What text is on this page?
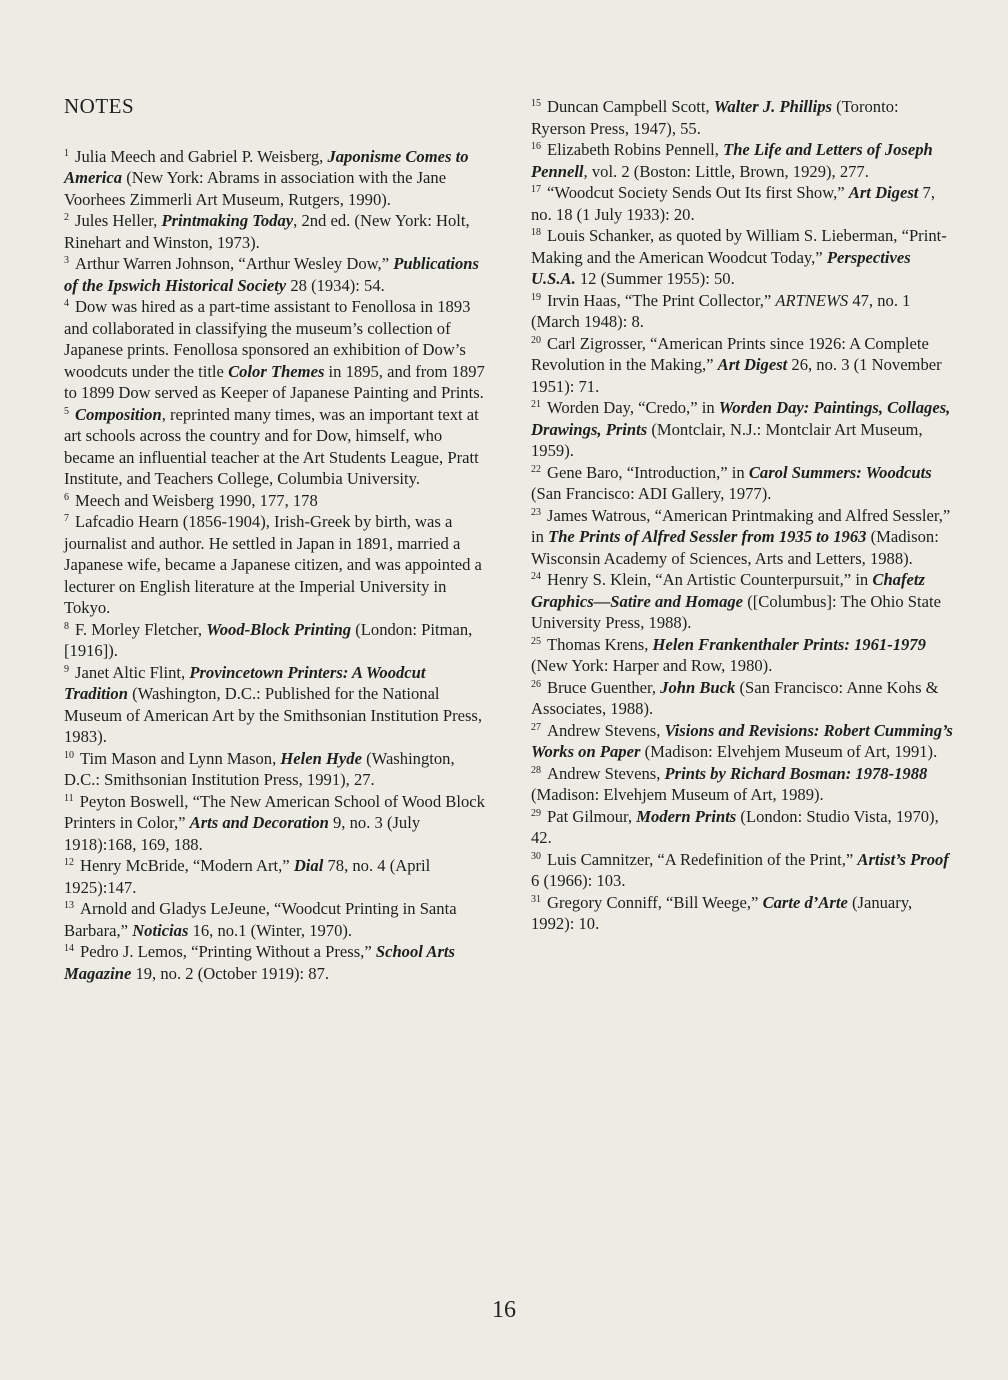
NOTES

$^1$ Julia Meech and Gabriel P. Weisberg, Japonisme Comes to America (New York: Abrams in association with the Jane Voorhees Zimmerli Art Museum, Rutgers, 1990).

$^2$ Jules Heller, Printmaking Today, 2nd ed. (New York: Holt, Rinehart and Winston, 1973).

$^3$ Arthur Warren Johnson, “Arthur Wesley Dow,” Publications of the Ipswich Historical Society 28 (1934): 54.

$^4$ Dow was hired as a part-time assistant to Fenollosa in 1893 and collaborated in classifying the museum’s collection of Japanese prints. Fenollosa sponsored an exhibition of Dow’s woodcuts under the title Color Themes in 1895, and from 1897 to 1899 Dow served as Keeper of Japanese Painting and Prints.

$^5$ Composition, reprinted many times, was an important text at art schools across the country and for Dow, himself, who became an influential teacher at the Art Students League, Pratt Institute, and Teachers College, Columbia University.

$^6$ Meech and Weisberg 1990, 177, 178

$^7$ Lafcadio Hearn (1856-1904), Irish-Greek by birth, was a journalist and author. He settled in Japan in 1891, married a Japanese wife, became a Japanese citizen, and was appointed a lecturer on English literature at the Imperial University in Tokyo.

$^8$ F. Morley Fletcher, Wood-Block Printing (London: Pitman, [1916]).

$^9$ Janet Altic Flint, Provincetown Printers: A Woodcut Tradition (Washington, D.C.: Published for the National Museum of American Art by the Smithsonian Institution Press, 1983).

$^{10}$ Tim Mason and Lynn Mason, Helen Hyde (Washington, D.C.: Smithsonian Institution Press, 1991), 27.

$^{11}$ Peyton Boswell, “The New American School of Wood Block Printers in Color,” Arts and Decoration 9, no. 3 (July 1918):168, 169, 188.

$^{12}$ Henry McBride, “Modern Art,” Dial 78, no. 4 (April 1925):147.

$^{13}$ Arnold and Gladys LeJeune, “Woodcut Printing in Santa Barbara,” Noticias 16, no.1 (Winter, 1970).

$^{14}$ Pedro J. Lemos, “Printing Without a Press,” School Arts Magazine 19, no. 2 (October 1919): 87.

$^{15}$ Duncan Campbell Scott, Walter J. Phillips (Toronto: Ryerson Press, 1947), 55.

$^{16}$ Elizabeth Robins Pennell, The Life and Letters of Joseph Pennell, vol. 2 (Boston: Little, Brown, 1929), 277.

$^{17}$ “Woodcut Society Sends Out Its first Show,” Art Digest 7, no. 18 (1 July 1933): 20.

$^{18}$ Louis Schanker, as quoted by William S. Lieberman, “Print-Making and the American Woodcut Today,” Perspectives U.S.A. 12 (Summer 1955): 50.

$^{19}$ Irvin Haas, “The Print Collector,” ARTNEWS 47, no. 1 (March 1948): 8.

$^{20}$ Carl Zigrosser, “American Prints since 1926: A Complete Revolution in the Making,” Art Digest 26, no. 3 (1 November 1951): 71.

$^{21}$ Worden Day, “Credo,” in Worden Day: Paintings, Collages, Drawings, Prints (Montclair, N.J.: Montclair Art Museum, 1959).

$^{22}$ Gene Baro, “Introduction,” in Carol Summers: Woodcuts (San Francisco: ADI Gallery, 1977).

$^{23}$ James Watrous, “American Printmaking and Alfred Sessler,” in The Prints of Alfred Sessler from 1935 to 1963 (Madison: Wisconsin Academy of Sciences, Arts and Letters, 1988).

$^{24}$ Henry S. Klein, “An Artistic Counterpursuit,” in Chafetz Graphics—Satire and Homage ([Columbus]: The Ohio State University Press, 1988).

$^{25}$ Thomas Krens, Helen Frankenthaler Prints: 1961-1979 (New York: Harper and Row, 1980).

$^{26}$ Bruce Guenther, John Buck (San Francisco: Anne Kohs & Associates, 1988).

$^{27}$ Andrew Stevens, Visions and Revisions: Robert Cumming’s Works on Paper (Madison: Elvehjem Museum of Art, 1991).

$^{28}$ Andrew Stevens, Prints by Richard Bosman: 1978-1988 (Madison: Elvehjem Museum of Art, 1989).

$^{29}$ Pat Gilmour, Modern Prints (London: Studio Vista, 1970), 42.

$^{30}$ Luis Camnitzer, “A Redefinition of the Print,” Artist’s Proof 6 (1966): 103.

$^{31}$ Gregory Conniff, “Bill Weege,” Carte d’Arte (January, 1992): 10.

16
